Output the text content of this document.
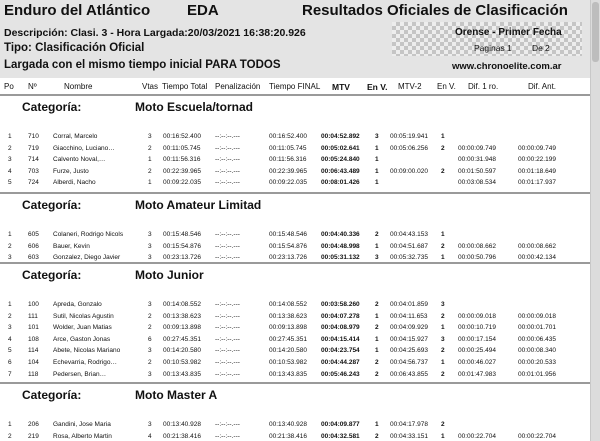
Enduro del Atlántico EDA	Resultados Oficiales de Clasificación
Descripción: Clasi. 3 - Hora Largada:20/03/2021 16:38:20.926	Orense - Primer Fecha
Tipo: Clasificación Oficial	Paginas 1 De 2
Largada con el mismo tiempo inicial PARA TODOS	www.chronoelite.com.ar
Po Nº	Nombre	Vtas Tiempo Total Penalización Tiempo FINAL MTV En V. MTV-2 En V. Dif. 1 ro.	Dif. Ant.
Categoría:	Moto Escuela/tornad
1	710 Corral, Marcelo	3 00:16:52.400 --:--:--.---	00:16:52.400 00:04:52.892 3 00:05:19.941 1
2	719 Giacchino, Luciano…	2 00:11:05.745 --:--:--.---	00:11:05.745 00:05:02.641 1 00:05:06.256 2 00:00:09.749	00:00:09.749
3	714 Calvento Noval,…	1 00:11:56.316 --:--:--.---	00:11:56.316 00:05:24.840 1	00:00:31.948	00:00:22.199
4	703 Furze, Justo	2 00:22:39.965 --:--:--.---	00:22:39.965 00:06:43.489 1 00:09:00.020 2 00:01:50.597	00:01:18.649
5	724 Alberdi, Nacho	1 00:09:22.035 --:--:--.---	00:09:22.035 00:08:01.426 1	00:03:08.534	00:01:17.937
Categoría:	Moto Amateur Limitad
1	605 Colaneri, Rodrigo Nicols	3 00:15:48.546 --:--:--.---	00:15:48.546 00:04:40.336 2 00:04:43.153 1
2	606 Bauer, Kevin	3 00:15:54.876 --:--:--.---	00:15:54.876 00:04:48.998 1 00:04:51.687 2 00:00:08.662	00:00:08.662
3	603 Gonzalez, Diego Javier	3 00:23:13.726 --:--:--.---	00:23:13.726 00:05:31.132 3 00:05:32.735 1 00:00:50.796	00:00:42.134
Categoría:	Moto Junior
1	100 Apreda, Gonzalo	3 00:14:08.552 --:--:--.---	00:14:08.552 00:03:58.260 2 00:04:01.859 3
2	111 Sutil, Nicolas Agustin	2 00:13:38.623 --:--:--.---	00:13:38.623 00:04:07.278 1 00:04:11.653 2 00:00:09.018	00:00:09.018
3	101 Wolder, Juan Matias	2 00:09:13.898 --:--:--.---	00:09:13.898 00:04:08.979 2 00:04:09.929 1 00:00:10.719	00:00:01.701
4	108 Arce, Gaston Jonas	6 00:27:45.351 --:--:--.---	00:27:45.351 00:04:15.414 1 00:04:15.927 3 00:00:17.154	00:00:06.435
5	114 Abete, Nicolas Mariano	3 00:14:20.580 --:--:--.---	00:14:20.580 00:04:23.754 1 00:04:25.693 2 00:00:25.494	00:00:08.340
6	104 Echevarria, Rodrigo…	2 00:10:53.982 --:--:--.---	00:10:53.982 00:04:44.287 2 00:04:56.737 1 00:00:46.027	00:00:20.533
7	118 Pedersen, Brian…	3 00:13:43.835 --:--:--.---	00:13:43.835 00:05:46.243 2 00:06:43.855 2 00:01:47.983	00:01:01.956
Categoría:	Moto Master A
1	206 Gandini, Jose Maria	3 00:13:40.928 --:--:--.---	00:13:40.928 00:04:09.877 1 00:04:17.978 2
2	219 Rosa, Alberto Martin	4 00:21:38.416 --:--:--.---	00:21:38.416 00:04:32.581 2 00:04:33.151 1 00:00:22.704	00:00:22.704
